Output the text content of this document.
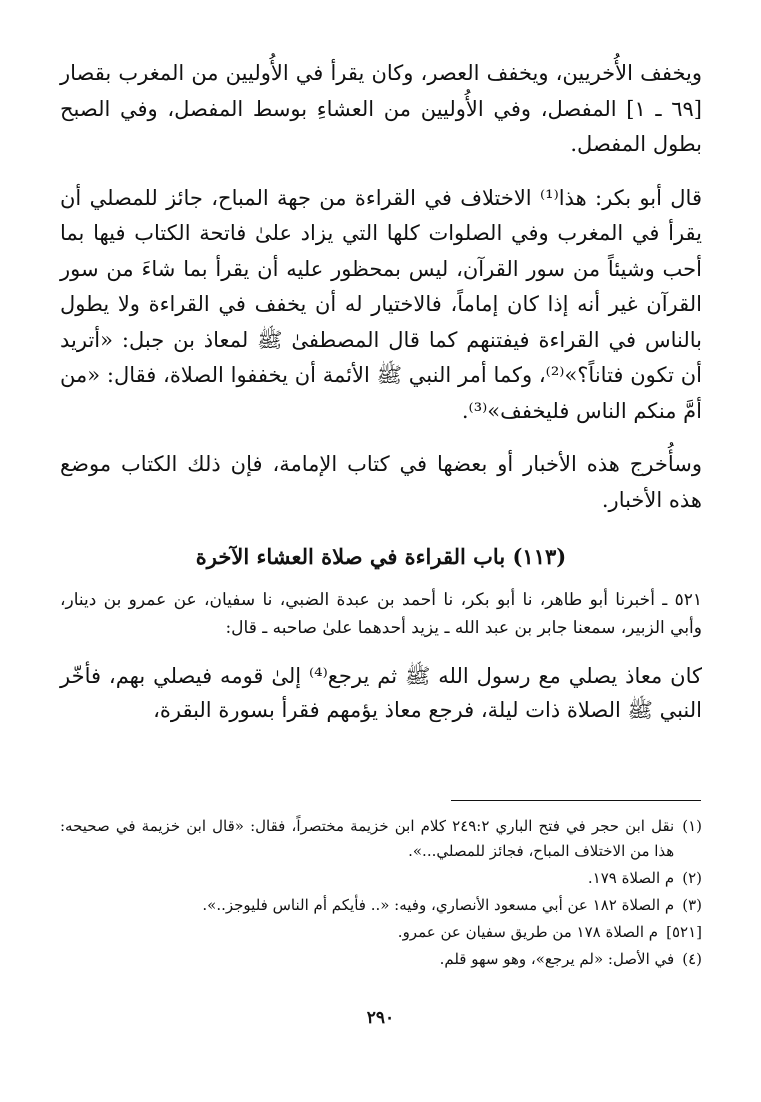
ويخفف الأُخريين، ويخفف العصر، وكان يقرأ في الأُوليين من المغرب بقصار [٦٩ ـ ١] المفصل، وفي الأُوليين من العشاءِ بوسط المفصل، وفي الصبح بطول المفصل.

قال أبو بكر: هذا⁽¹⁾ الاختلاف في القراءة من جهة المباح، جائز للمصلي أن يقرأ في المغرب وفي الصلوات كلها التي يزاد علىٰ فاتحة الكتاب فيها بما أحب وشيئاً من سور القرآن، ليس بمحظور عليه أن يقرأ بما شاءَ من سور القرآن غير أنه إذا كان إماماً، فالاختيار له أن يخفف في القراءة ولا يطول بالناس في القراءة فيفتنهم كما قال المصطفىٰ ﷺ لمعاذ بن جبل: «أتريد أن تكون فتاناً؟»⁽²⁾، وكما أمر النبي ﷺ الأئمة أن يخففوا الصلاة، فقال: «من أمَّ منكم الناس فليخفف»⁽³⁾.

وسأُخرج هذه الأخبار أو بعضها في كتاب الإمامة، فإن ذلك الكتاب موضع هذه الأخبار.

(١١٣) باب القراءة في صلاة العشاء الآخرة

٥٢١ ـ أخبرنا أبو طاهر، نا أبو بكر، نا أحمد بن عبدة الضبي، نا سفيان، عن عمرو بن دينار، وأبي الزبير، سمعنا جابر بن عبد الله ـ يزيد أحدهما علىٰ صاحبه ـ قال:

كان معاذ يصلي مع رسول الله ﷺ ثم يرجع⁽⁴⁾ إلىٰ قومه فيصلي بهم، فأخّر النبي ﷺ الصلاة ذات ليلة، فرجع معاذ يؤمهم فقرأ بسورة البقرة،

(١)
نقل ابن حجر في فتح الباري ٢٤٩:٢ كلام ابن خزيمة مختصراً، فقال: «قال ابن خزيمة في صحيحه: هذا من الاختلاف المباح، فجائز للمصلي...».
(٢)
م الصلاة ١٧٩.
(٣)
م الصلاة ١٨٢ عن أبي مسعود الأنصاري، وفيه: «.. فأيكم أم الناس فليوجز..».
[٥٢١]
م الصلاة ١٧٨ من طريق سفيان عن عمرو.
(٤)
في الأصل: «لم يرجع»، وهو سهو قلم.
٢٩٠
